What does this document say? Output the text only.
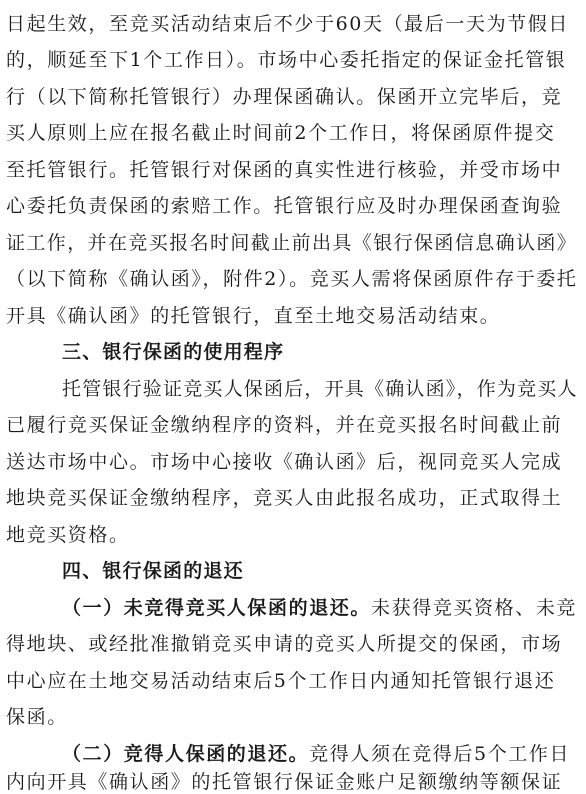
日起生效，至竞买活动结束后不少于60天（最后一天为节假日
的，顺延至下1个工作日）。市场中心委托指定的保证金托管银
行（以下简称托管银行）办理保函确认。保函开立完毕后，竞
买人原则上应在报名截止时间前2个工作日，将保函原件提交
至托管银行。托管银行对保函的真实性进行核验，并受市场中
心委托负责保函的索赔工作。托管银行应及时办理保函查询验
证工作，并在竞买报名时间截止前出具《银行保函信息确认函》
（以下简称《确认函》，附件2）。竞买人需将保函原件存于委托
开具《确认函》的托管银行，直至土地交易活动结束。
三、银行保函的使用程序
托管银行验证竞买人保函后，开具《确认函》，作为竞买人
已履行竞买保证金缴纳程序的资料，并在竞买报名时间截止前
送达市场中心。市场中心接收《确认函》后，视同竞买人完成
地块竞买保证金缴纳程序，竞买人由此报名成功，正式取得土
地竞买资格。
四、银行保函的退还
（一）未竞得竞买人保函的退还。未获得竞买资格、未竞
得地块、或经批准撤销竞买申请的竞买人所提交的保函，市场
中心应在土地交易活动结束后5个工作日内通知托管银行退还
保函。
（二）竞得人保函的退还。竞得人须在竞得后5个工作日
内向开具《确认函》的托管银行保证金账户足额缴纳等额保证
